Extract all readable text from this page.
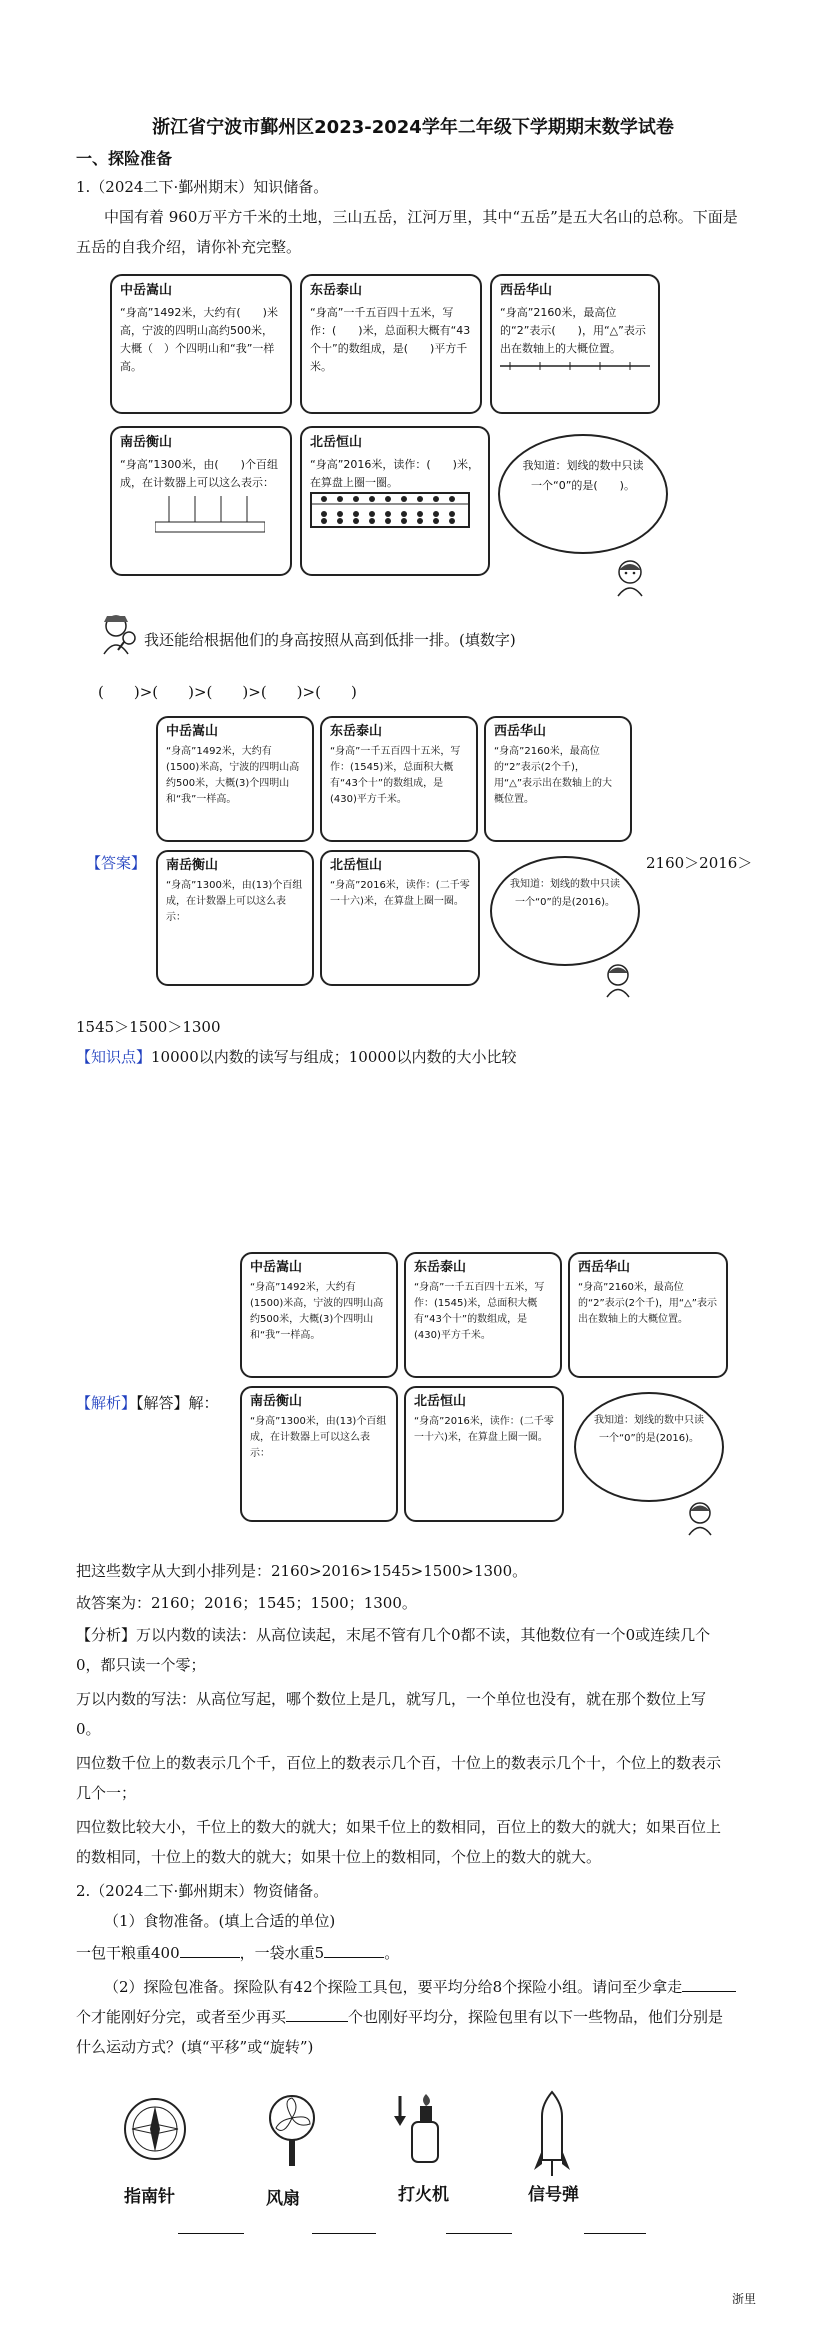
浙江省宁波市鄞州区2023-2024学年二年级下学期期末数学试卷
一、探险准备
1.（2024二下·鄞州期末）知识储备。
中国有着 960万平方千米的土地，三山五岳，江河万里，其中“五岳”是五大名山的总称。下面是
五岳的自我介绍，请你补充完整。
中岳嵩山
“身高”1492米，大约有(　　)米高，宁波的四明山高约500米，大概（　）个四明山和“我”一样高。
东岳泰山
“身高”一千五百四十五米，写作：(　　)米，总面积大概有“43个十”的数组成，是(　　)平方千米。
西岳华山
“身高”2160米，最高位的“2”表示(　　)，用“△”表示出在数轴上的大概位置。
南岳衡山
“身高”1300米，由(　　)个百组成，在计数器上可以这么表示：
北岳恒山
“身高”2016米，读作：(　　)米，在算盘上圈一圈。
我知道：划线的数中只读一个“0”的是(　　)。
我还能给根据他们的身高按照从高到低排一排。(填数字)
(　　)>(　　)>(　　)>(　　)>(　　)
中岳嵩山
“身高”1492米，大约有(1500)米高，宁波的四明山高约500米，大概(3)个四明山和“我”一样高。
东岳泰山
“身高”一千五百四十五米，写作：(1545)米，总面积大概有“43个十”的数组成，是(430)平方千米。
西岳华山
“身高”2160米，最高位的“2”表示(2个千)，用“△”表示出在数轴上的大概位置。
【答案】 南岳衡山
“身高”1300米，由(13)个百组成，在计数器上可以这么表示：
北岳恒山
“身高”2016米，读作：(二千零一十六)米，在算盘上圈一圈。
我知道：划线的数中只读一个“0”的是(2016)。
2160＞2016＞
1545＞1500＞1300
【知识点】10000以内数的读写与组成；10000以内数的大小比较
中岳嵩山
“身高”1492米，大约有(1500)米高，宁波的四明山高约500米，大概(3)个四明山和“我”一样高。
东岳泰山
“身高”一千五百四十五米，写作：(1545)米，总面积大概有“43个十”的数组成，是(430)平方千米。
西岳华山
“身高”2160米，最高位的“2”表示(2个千)，用“△”表示出在数轴上的大概位置。
【解析】【解答】解： 南岳衡山
“身高”1300米，由(13)个百组成，在计数器上可以这么表示：
北岳恒山
“身高”2016米，读作：(二千零一十六)米，在算盘上圈一圈。
我知道：划线的数中只读一个“0”的是(2016)。
把这些数字从大到小排列是：2160>2016>1545>1500>1300。
故答案为：2160；2016；1545；1500；1300。
【分析】万以内数的读法：从高位读起，末尾不管有几个0都不读，其他数位有一个0或连续几个
0，都只读一个零；
万以内数的写法：从高位写起，哪个数位上是几，就写几，一个单位也没有，就在那个数位上写
0。
四位数千位上的数表示几个千，百位上的数表示几个百，十位上的数表示几个十，个位上的数表示
几个一；
四位数比较大小，千位上的数大的就大；如果千位上的数相同，百位上的数大的就大；如果百位上
的数相同，十位上的数大的就大；如果十位上的数相同，个位上的数大的就大。
2.（2024二下·鄞州期末）物资储备。
（1）食物准备。(填上合适的单位)
一包干粮重400	，一袋水重5	。
（2）探险包准备。探险队有42个探险工具包，要平均分给8个探险小组。请问至少拿走
个才能刚好分完，或者至少再买	个也刚好平均分，探险包里有以下一些物品，他们分别是
什么运动方式？(填“平移”或“旋转”)
指南针	风扇	打火机	信号弹
浙里
